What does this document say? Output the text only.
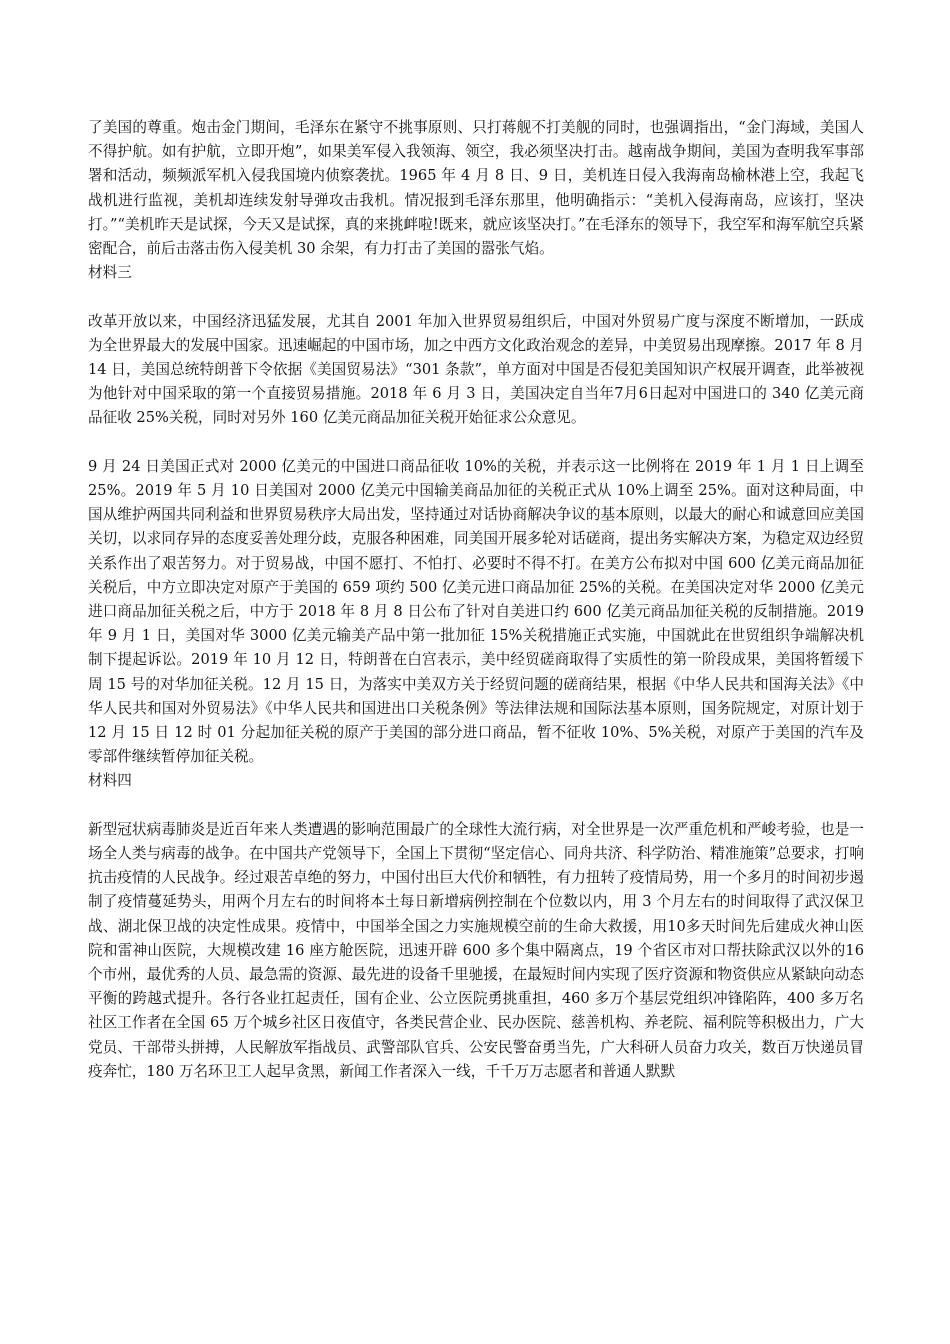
了美国的尊重。炮击金门期间，毛泽东在紧守不挑事原则、只打蒋舰不打美舰的同时，也强调指出，“金门海域，美国人不得护航。如有护航，立即开炮”，如果美军侵入我领海、领空，我必须坚决打击。越南战争期间，美国为查明我军事部署和活动，频频派军机入侵我国境内侦察袭扰。1965 年 4 月 8 日、9 日，美机连日侵入我海南岛榆林港上空，我起飞战机进行监视，美机却连续发射导弹攻击我机。情况报到毛泽东那里，他明确指示：“美机入侵海南岛，应该打，坚决打。”“美机昨天是试探，今天又是试探，真的来挑衅啦!既来，就应该坚决打。”在毛泽东的领导下，我空军和海军航空兵紧密配合，前后击落击伤入侵美机 30 余架，有力打击了美国的嚣张气焰。

材料三

改革开放以来，中国经济迅猛发展，尤其自 2001 年加入世界贸易组织后，中国对外贸易广度与深度不断增加，一跃成为全世界最大的发展中国家。迅速崛起的中国市场，加之中西方文化政治观念的差异，中美贸易出现摩擦。2017 年 8 月 14 日，美国总统特朗普下令依据《美国贸易法》“301 条款”，单方面对中国是否侵犯美国知识产权展开调查，此举被视为他针对中国采取的第一个直接贸易措施。2018 年 6 月 3 日，美国决定自当年7月6日起对中国进口的 340 亿美元商品征收 25%关税，同时对另外 160 亿美元商品加征关税开始征求公众意见。

9 月 24 日美国正式对 2000 亿美元的中国进口商品征收 10%的关税，并表示这一比例将在 2019 年 1 月 1 日上调至 25%。2019 年 5 月 10 日美国对 2000 亿美元中国输美商品加征的关税正式从 10%上调至 25%。面对这种局面，中国从维护两国共同利益和世界贸易秩序大局出发，坚持通过对话协商解决争议的基本原则，以最大的耐心和诚意回应美国关切，以求同存异的态度妥善处理分歧，克服各种困难，同美国开展多轮对话磋商，提出务实解决方案，为稳定双边经贸关系作出了艰苦努力。对于贸易战，中国不愿打、不怕打、必要时不得不打。在美方公布拟对中国 600 亿美元商品加征关税后，中方立即决定对原产于美国的 659 项约 500 亿美元进口商品加征 25%的关税。在美国决定对华 2000 亿美元进口商品加征关税之后，中方于 2018 年 8 月 8 日公布了针对自美进口约 600 亿美元商品加征关税的反制措施。2019 年 9 月 1 日，美国对华 3000 亿美元输美产品中第一批加征 15%关税措施正式实施，中国就此在世贸组织争端解决机制下提起诉讼。2019 年 10 月 12 日，特朗普在白宫表示，美中经贸磋商取得了实质性的第一阶段成果，美国将暂缓下周 15 号的对华加征关税。12 月 15 日，为落实中美双方关于经贸问题的磋商结果，根据《中华人民共和国海关法》《中华人民共和国对外贸易法》《中华人民共和国进出口关税条例》等法律法规和国际法基本原则，国务院规定，对原计划于 12 月 15 日 12 时 01 分起加征关税的原产于美国的部分进口商品，暂不征收 10%、5%关税，对原产于美国的汽车及零部件继续暂停加征关税。

材料四

新型冠状病毒肺炎是近百年来人类遭遇的影响范围最广的全球性大流行病，对全世界是一次严重危机和严峻考验，也是一场全人类与病毒的战争。在中国共产党领导下，全国上下贯彻“坚定信心、同舟共济、科学防治、精准施策”总要求，打响抗击疫情的人民战争。经过艰苦卓绝的努力，中国付出巨大代价和牺牲，有力扭转了疫情局势，用一个多月的时间初步遏制了疫情蔓延势头，用两个月左右的时间将本土每日新增病例控制在个位数以内，用 3 个月左右的时间取得了武汉保卫战、湖北保卫战的决定性成果。疫情中，中国举全国之力实施规模空前的生命大救援，用10多天时间先后建成火神山医院和雷神山医院，大规模改建 16 座方舱医院，迅速开辟 600 多个集中隔离点，19 个省区市对口帮扶除武汉以外的16个市州，最优秀的人员、最急需的资源、最先进的设备千里驰援，在最短时间内实现了医疗资源和物资供应从紧缺向动态平衡的跨越式提升。各行各业扛起责任，国有企业、公立医院勇挑重担，460 多万个基层党组织冲锋陷阵，400 多万名社区工作者在全国 65 万个城乡社区日夜值守，各类民营企业、民办医院、慈善机构、养老院、福利院等积极出力，广大党员、干部带头拼搏，人民解放军指战员、武警部队官兵、公安民警奋勇当先，广大科研人员奋力攻关，数百万快递员冒疫奔忙，180 万名环卫工人起早贪黑，新闻工作者深入一线，千千万万志愿者和普通人默默
